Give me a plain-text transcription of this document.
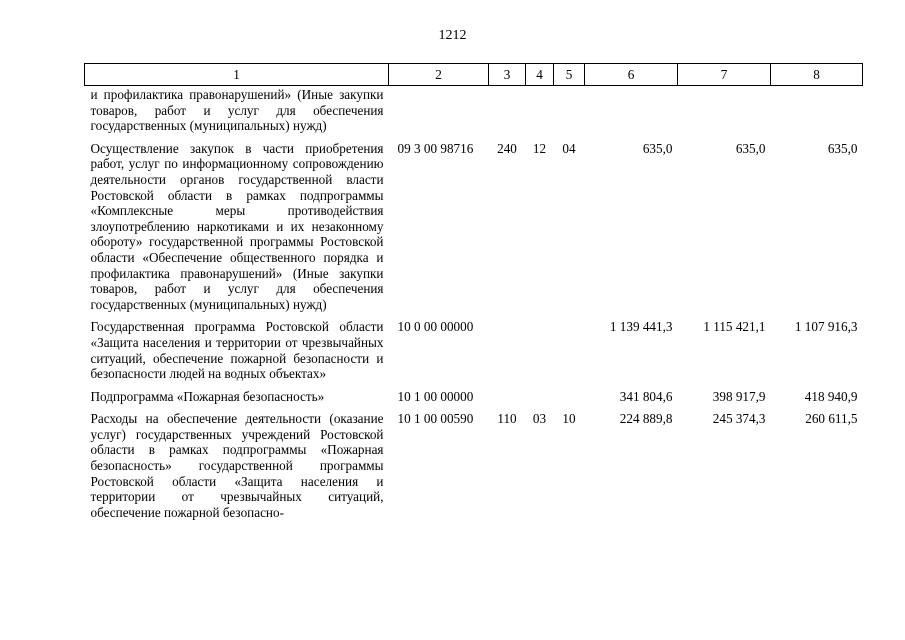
1212
1	2	3	4	5	6	7	8
и профилактика правонарушений» (Иные закупки товаров, работ и услуг для обеспечения государственных (муниципальных) нужд)							
Осуществление закупок в части приобретения работ, услуг по информационному сопровождению деятельности органов государственной власти Ростовской области в рамках подпрограммы «Комплексные меры противодействия злоупотреблению наркотиками и их незаконному обороту» государственной программы Ростовской области «Обеспечение общественного порядка и профилактика правонарушений» (Иные закупки товаров, работ и услуг для обеспечения государственных (муниципальных) нужд)	09 3 00 98716	240	12	04	635,0	635,0	635,0
Государственная программа Ростовской области «Защита населения и территории от чрезвычайных ситуаций, обеспечение пожарной безопасности и безопасности людей на водных объектах»	10 0 00 00000				1 139 441,3	1 115 421,1	1 107 916,3
Подпрограмма «Пожарная безопасность»	10 1 00 00000				341 804,6	398 917,9	418 940,9
Расходы на обеспечение деятельности (оказание услуг) государственных учреждений Ростовской области в рамках подпрограммы «Пожарная безопасность» государственной программы Ростовской области «Защита населения и территории от чрезвычайных ситуаций, обеспечение пожарной безопасно-	10 1 00 00590	110	03	10	224 889,8	245 374,3	260 611,5
